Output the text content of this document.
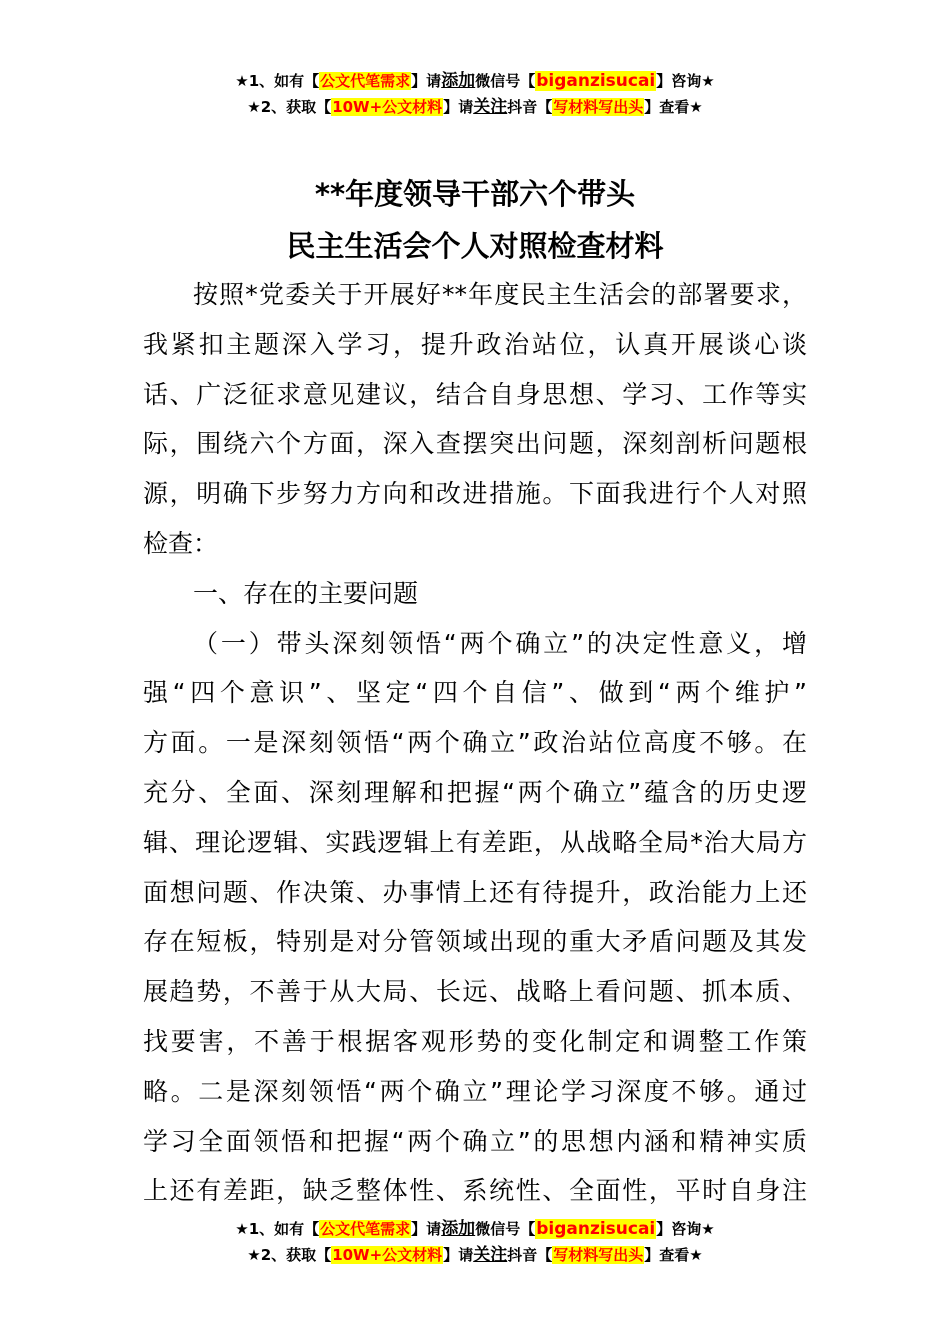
★1、如有【公文代笔需求】请添加微信号【biganzisucai】咨询★
★2、获取【10W+公文材料】请关注抖音【写材料写出头】查看★
**年度领导干部六个带头
民主生活会个人对照检查材料
按照*党委关于开展好**年度民主生活会的部署要求，
我紧扣主题深入学习，提升政治站位，认真开展谈心谈
话、广泛征求意见建议，结合自身思想、学习、工作等实
际，围绕六个方面，深入查摆突出问题，深刻剖析问题根
源，明确下步努力方向和改进措施。下面我进行个人对照
检查：
一、存在的主要问题
（一）带头深刻领悟“两个确立”的决定性意义，增
强“四个意识”、坚定“四个自信”、做到“两个维护”
方面。一是深刻领悟“两个确立”政治站位高度不够。在
充分、全面、深刻理解和把握“两个确立”蕴含的历史逻
辑、理论逻辑、实践逻辑上有差距，从战略全局*治大局方
面想问题、作决策、办事情上还有待提升，政治能力上还
存在短板，特别是对分管领域出现的重大矛盾问题及其发
展趋势，不善于从大局、长远、战略上看问题、抓本质、
找要害，不善于根据客观形势的变化制定和调整工作策
略。二是深刻领悟“两个确立”理论学习深度不够。通过
学习全面领悟和把握“两个确立”的思想内涵和精神实质
上还有差距，缺乏整体性、系统性、全面性，平时自身注
★1、如有【公文代笔需求】请添加微信号【biganzisucai】咨询★
★2、获取【10W+公文材料】请关注抖音【写材料写出头】查看★
